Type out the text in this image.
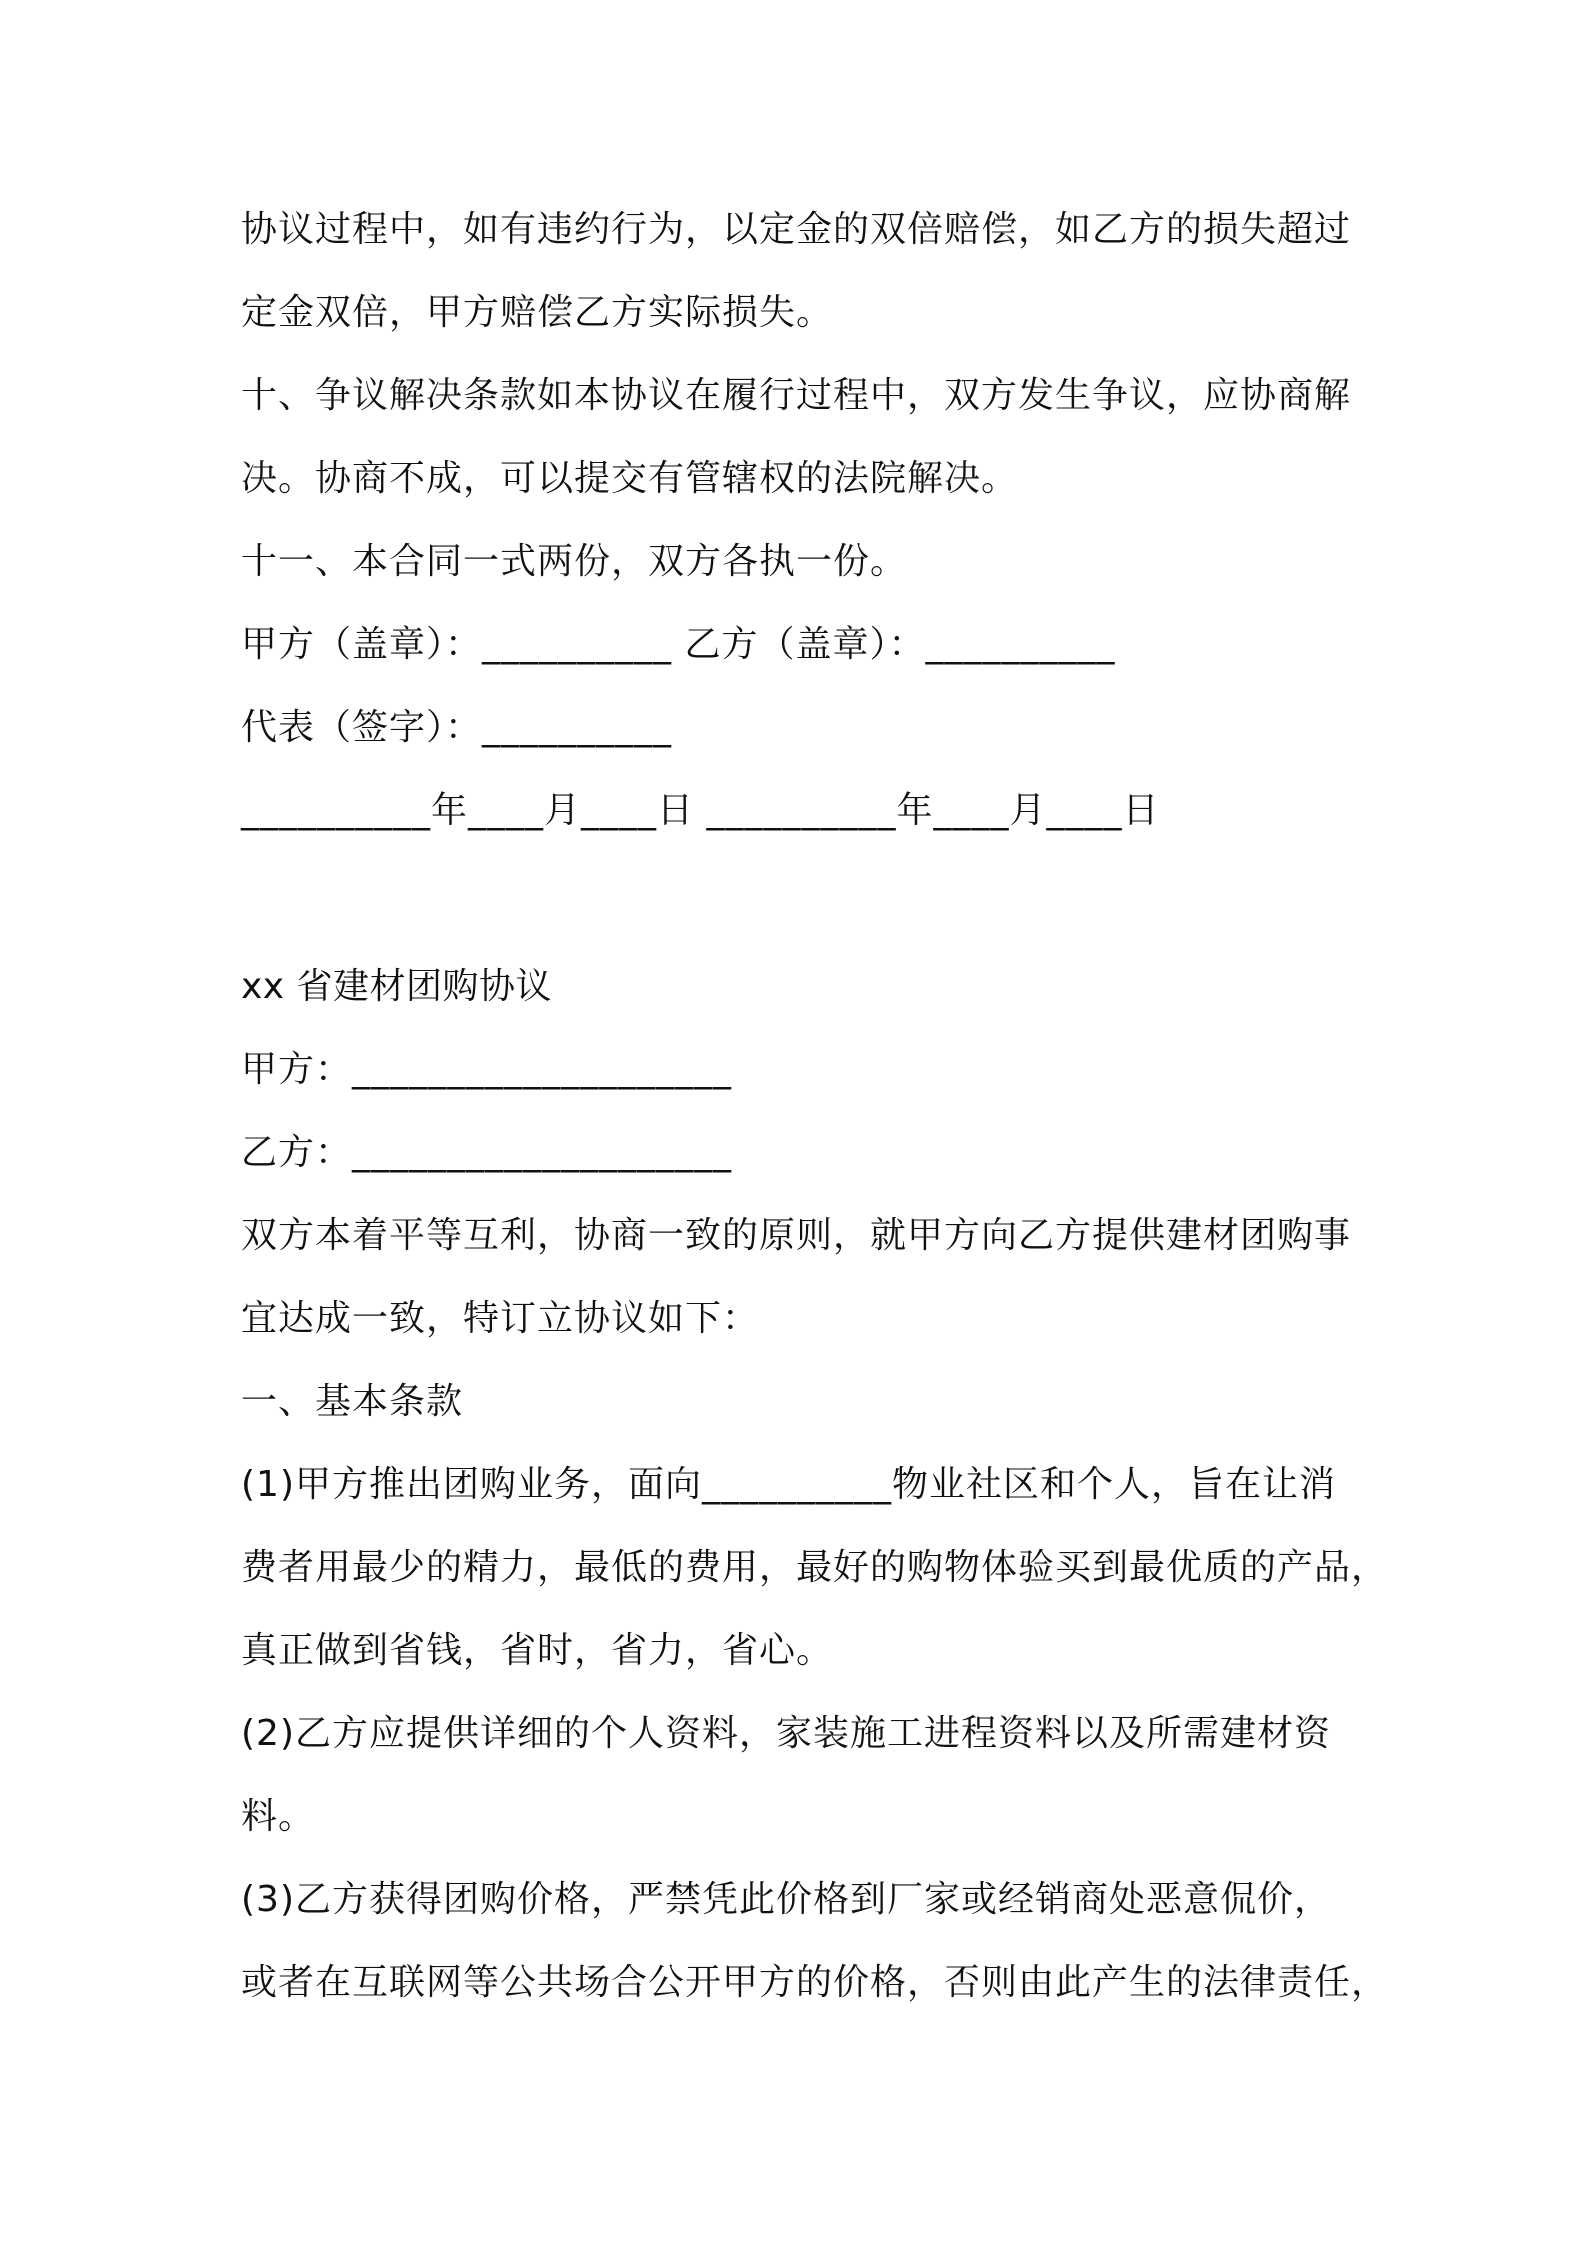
协议过程中，如有违约行为，以定金的双倍赔偿，如乙方的损失超过
定金双倍，甲方赔偿乙方实际损失。
十、争议解决条款如本协议在履行过程中，双方发生争议，应协商解
决。协商不成，可以提交有管辖权的法院解决。
十一、本合同一式两份，双方各执一份。
甲方（盖章）：__________ 乙方（盖章）：__________
代表（签字）：__________
__________年____月____日 __________年____月____日
xx 省建材团购协议
甲方：____________________
乙方：____________________
双方本着平等互利，协商一致的原则，就甲方向乙方提供建材团购事
宜达成一致，特订立协议如下：
一、基本条款
(1)甲方推出团购业务，面向__________物业社区和个人，旨在让消
费者用最少的精力，最低的费用，最好的购物体验买到最优质的产品，
真正做到省钱，省时，省力，省心。
(2)乙方应提供详细的个人资料，家装施工进程资料以及所需建材资
料。
(3)乙方获得团购价格，严禁凭此价格到厂家或经销商处恶意侃价，
或者在互联网等公共场合公开甲方的价格，否则由此产生的法律责任，
